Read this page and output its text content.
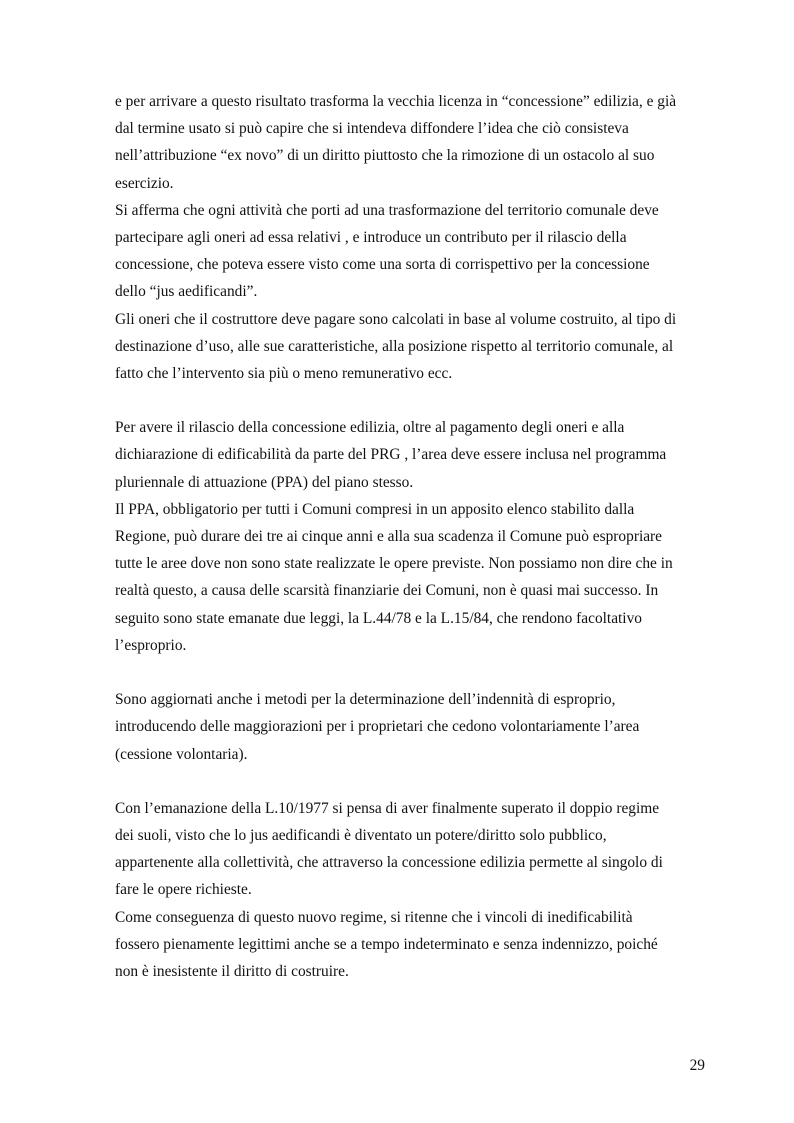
e per arrivare a questo risultato trasforma la vecchia licenza in “concessione” edilizia, e già
dal termine usato si può capire che si intendeva diffondere l’idea che ciò consisteva
nell’attribuzione “ex novo” di un diritto piuttosto che la rimozione di un ostacolo al suo
esercizio.
Si afferma che ogni attività che porti ad una trasformazione del territorio comunale deve
partecipare agli oneri ad essa relativi , e introduce un contributo per il rilascio della
concessione, che poteva essere visto come una sorta di corrispettivo per la concessione
dello “jus aedificandi”.
Gli oneri che il costruttore deve pagare sono calcolati in base al volume costruito, al tipo di
destinazione d’uso, alle sue caratteristiche, alla posizione rispetto al territorio comunale, al
fatto che l’intervento sia più o meno remunerativo ecc.
Per avere il rilascio della concessione edilizia, oltre al pagamento degli oneri e alla
dichiarazione di edificabilità da parte del PRG , l’area deve essere inclusa nel programma
pluriennale di attuazione (PPA) del piano stesso.
Il PPA, obbligatorio per tutti i Comuni compresi in un apposito elenco stabilito dalla
Regione, può durare dei tre ai cinque anni e alla sua scadenza il Comune può espropriare
tutte le aree dove non sono state realizzate le opere previste. Non possiamo non dire che in
realtà questo, a causa delle scarsità finanziarie dei Comuni, non è quasi mai successo. In
seguito sono state emanate due leggi, la L.44/78 e la L.15/84, che rendono facoltativo
l’esproprio.
Sono aggiornati anche i metodi per la determinazione dell’indennità di esproprio,
introducendo delle maggiorazioni per i proprietari che cedono volontariamente l’area
(cessione volontaria).
Con l’emanazione della L.10/1977 si pensa di aver finalmente superato il doppio regime
dei suoli, visto che lo jus aedificandi è diventato un potere/diritto solo pubblico,
appartenente alla collettività, che attraverso la concessione edilizia permette al singolo di
fare le opere richieste.
Come conseguenza di questo nuovo regime, si ritenne che i vincoli di inedificabilità
fossero pienamente legittimi anche se a tempo indeterminato e senza indennizzo, poiché
non è inesistente il diritto di costruire.
29
